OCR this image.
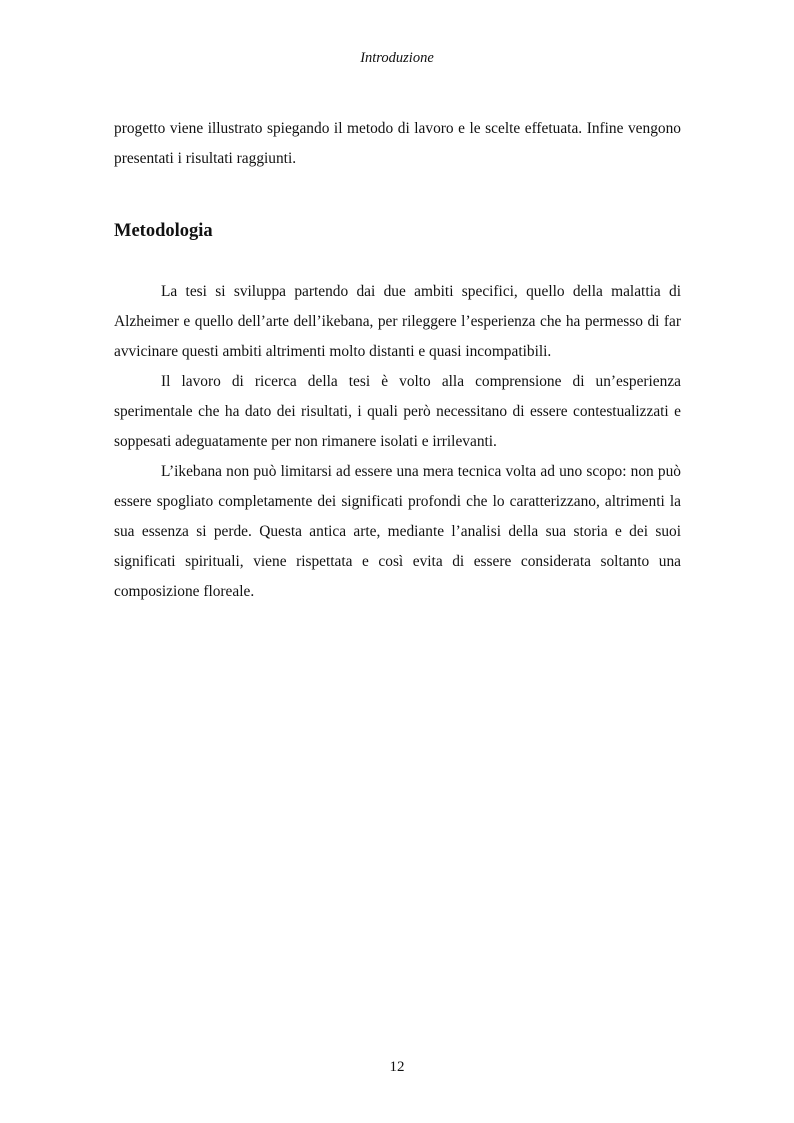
Introduzione

progetto viene illustrato spiegando il metodo di lavoro e le scelte effetuata. Infine vengono presentati i risultati raggiunti.

Metodologia

La tesi si sviluppa partendo dai due ambiti specifici, quello della malattia di Alzheimer e quello dell’arte dell’ikebana, per rileggere l’esperienza che ha permesso di far avvicinare questi ambiti altrimenti molto distanti e quasi incompatibili.

Il lavoro di ricerca della tesi è volto alla comprensione di un’esperienza sperimentale che ha dato dei risultati, i quali però necessitano di essere contestualizzati e soppesati adeguatamente per non rimanere isolati e irrilevanti.

L’ikebana non può limitarsi ad essere una mera tecnica volta ad uno scopo: non può essere spogliato completamente dei significati profondi che lo caratterizzano, altrimenti la sua essenza si perde. Questa antica arte, mediante l’analisi della sua storia e dei suoi significati spirituali, viene rispettata e così evita di essere considerata soltanto una composizione floreale.

12
